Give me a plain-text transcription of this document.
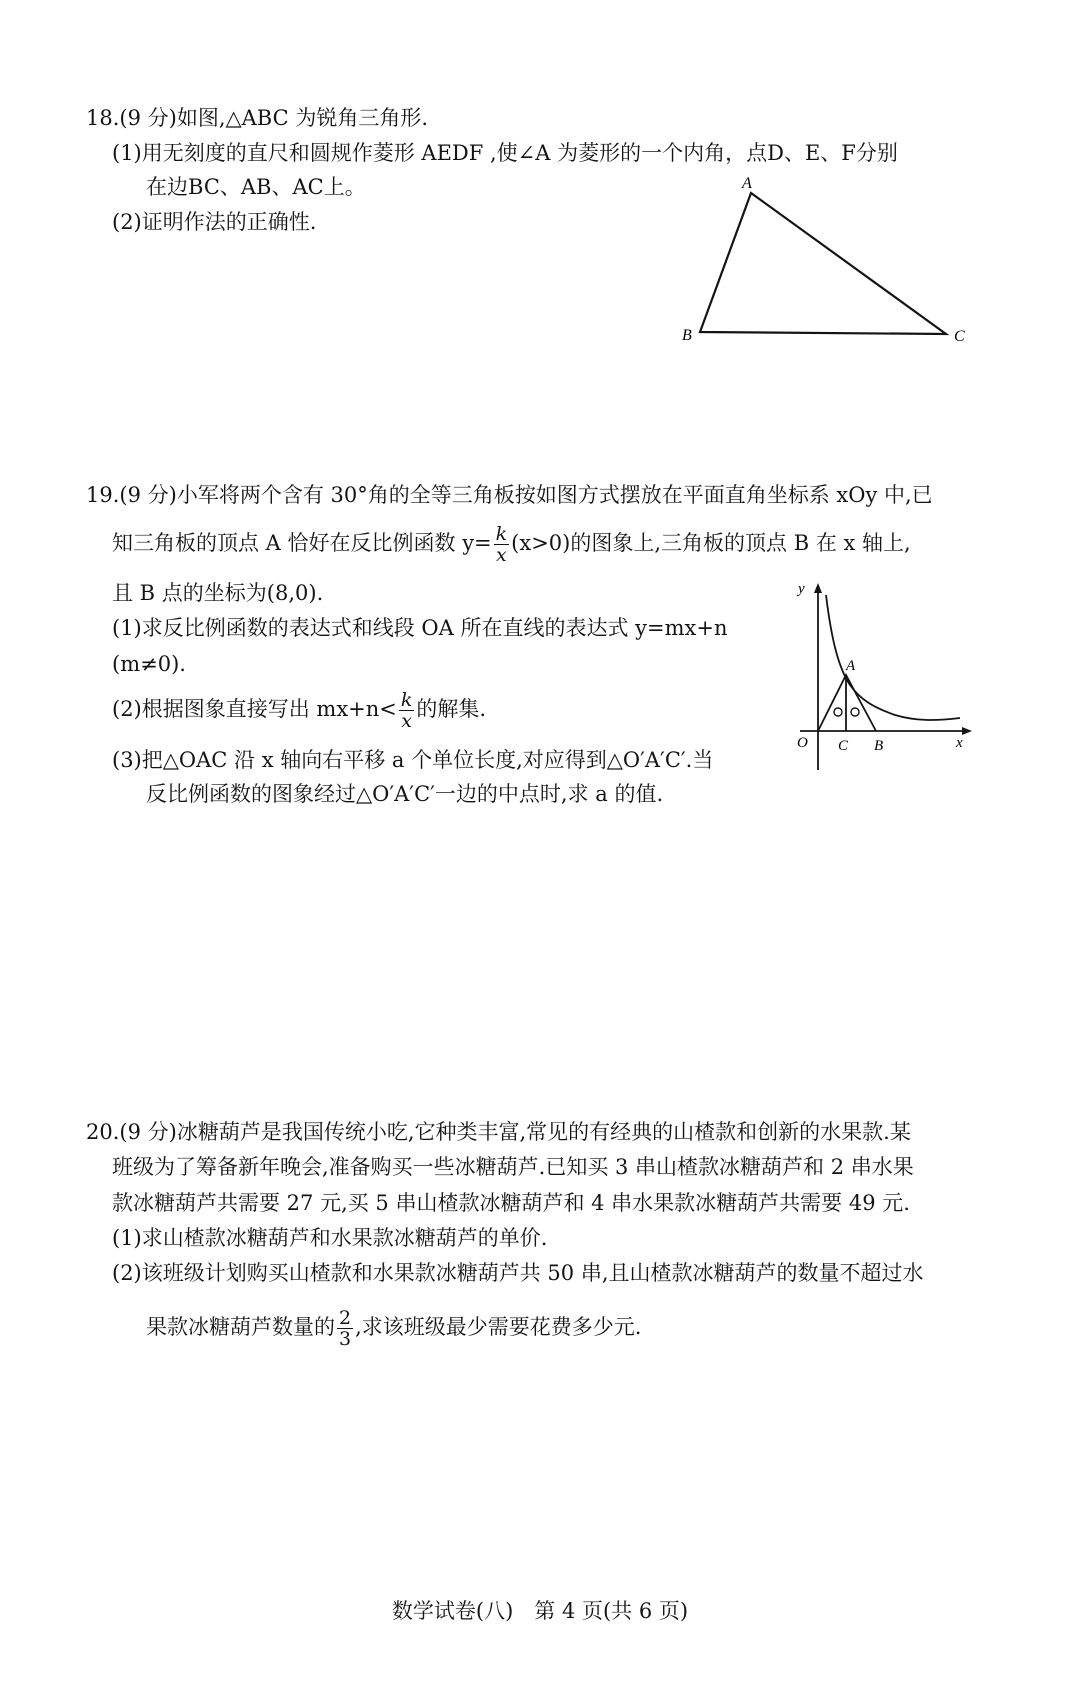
18.(9 分)如图,△ABC 为锐角三角形.
(1)用无刻度的直尺和圆规作菱形 AEDF ,使∠A 为菱形的一个内角，点D、E、F分别
在边BC、AB、AC上。
(2)证明作法的正确性.
A
B	C
19.(9 分)小军将两个含有 30°角的全等三角板按如图方式摆放在平面直角坐标系 xOy 中,已
知三角板的顶点 A 恰好在反比例函数 $y= \frac{k}{x} (x>0)$的图象上,三角板的顶点 B 在 x 轴上,
且 B 点的坐标为(8,0).
(1)求反比例函数的表达式和线段 OA 所在直线的表达式 y=mx+n
(m≠0).
(2)根据图象直接写出 $mx+n< \frac{k}{x}$ 的解集.
(3)把△OAC 沿 x 轴向右平移 a 个单位长度,对应得到△O′A′C′.当
反比例函数的图象经过△O′A′C′一边的中点时,求 a 的值.
y
x
O
A
C B
20.(9 分)冰糖葫芦是我国传统小吃,它种类丰富,常见的有经典的山楂款和创新的水果款.某
班级为了筹备新年晚会,准备购买一些冰糖葫芦.已知买 3 串山楂款冰糖葫芦和 2 串水果
款冰糖葫芦共需要 27 元,买 5 串山楂款冰糖葫芦和 4 串水果款冰糖葫芦共需要 49 元.
(1)求山楂款冰糖葫芦和水果款冰糖葫芦的单价.
(2)该班级计划购买山楂款和水果款冰糖葫芦共 50 串,且山楂款冰糖葫芦的数量不超过水
果款冰糖葫芦数量的 $\frac{2}{3}$ ,求该班级最少需要花费多少元.
数学试卷(八)　第 4 页(共 6 页)
